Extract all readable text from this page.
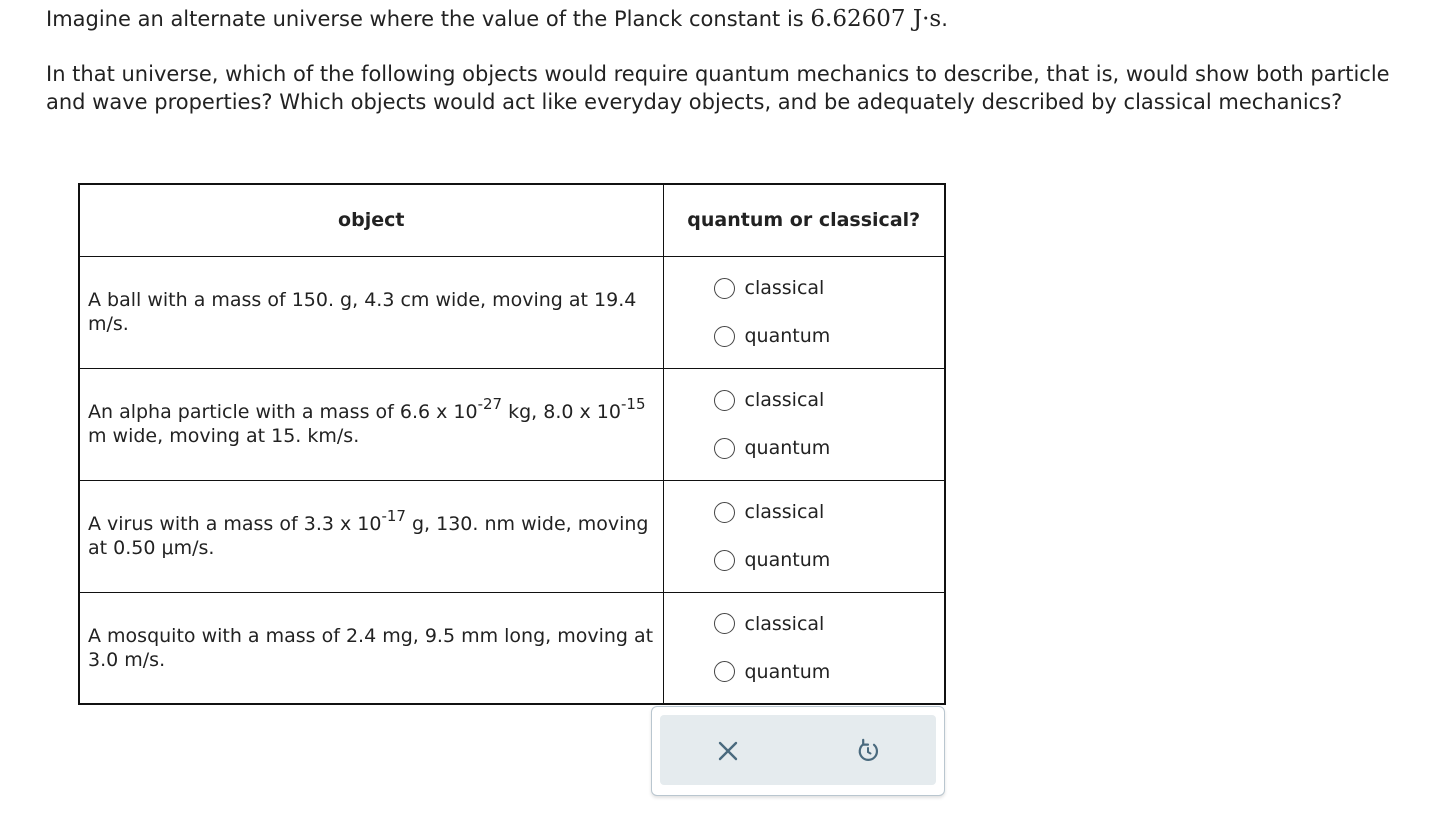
Imagine an alternate universe where the value of the Planck constant is 6.62607 J·s.
In that universe, which of the following objects would require quantum mechanics to describe, that is, would show both particle and wave properties? Which objects would act like everyday objects, and be adequately described by classical mechanics?
object	quantum or classical?
A ball with a mass of 150. g, 4.3 cm wide, moving at 19.4 m/s.	classical
quantum

An alpha particle with a mass of 6.6 x $10^{-27}$ kg, 8.0 x $10^{-15}$ m wide, moving at 15. km/s.	classical
quantum

A virus with a mass of 3.3 x $10^{-17}$ g, 130. nm wide, moving at 0.50 μm/s.	classical
quantum

A mosquito with a mass of 2.4 mg, 9.5 mm long, moving at 3.0 m/s.	classical
quantum
